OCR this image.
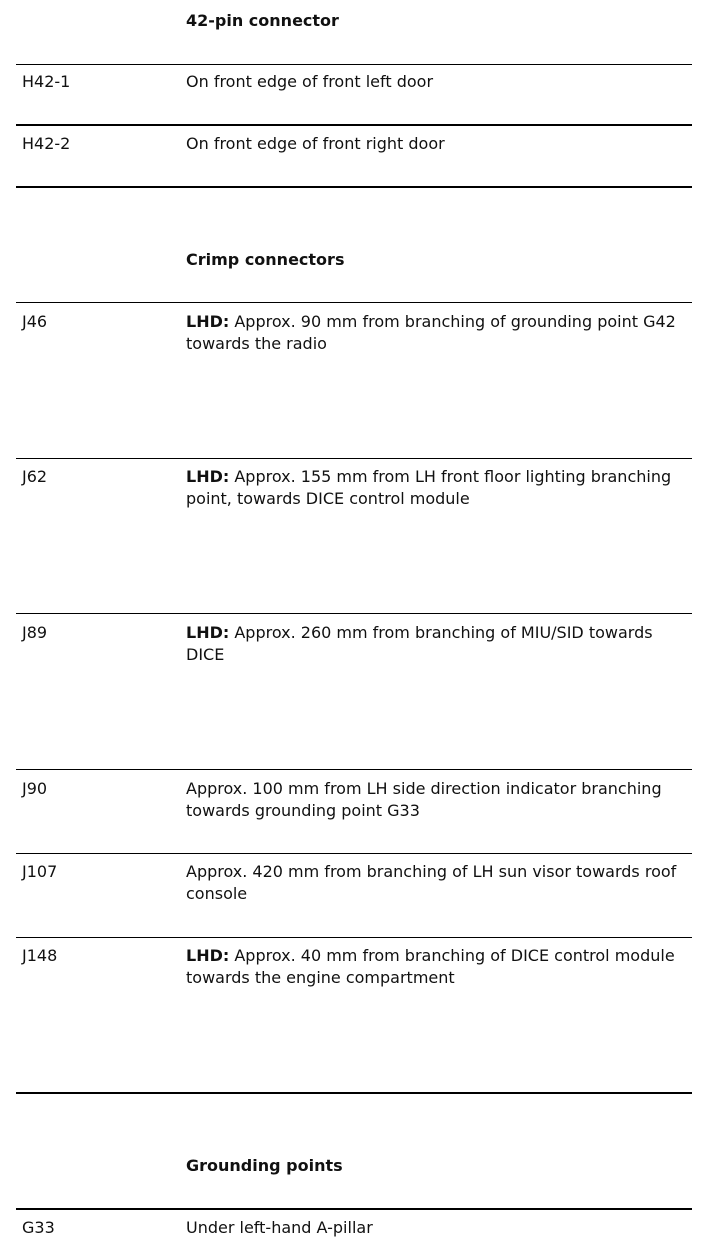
42-pin connector
H42-1	On front edge of front left door
H42-2	On front edge of front right door
Crimp connectors
J46	LHD: Approx. 90 mm from branching of grounding point G42 towards the radio
J62	LHD: Approx. 155 mm from LH front floor lighting branching point, towards DICE control module
J89	LHD: Approx. 260 mm from branching of MIU/SID towards DICE
J90	Approx. 100 mm from LH side direction indicator branching towards grounding point G33
J107	Approx. 420 mm from branching of LH sun visor towards roof console
J148	LHD: Approx. 40 mm from branching of DICE control module towards the engine compartment
Grounding points
G33	Under left-hand A-pillar
